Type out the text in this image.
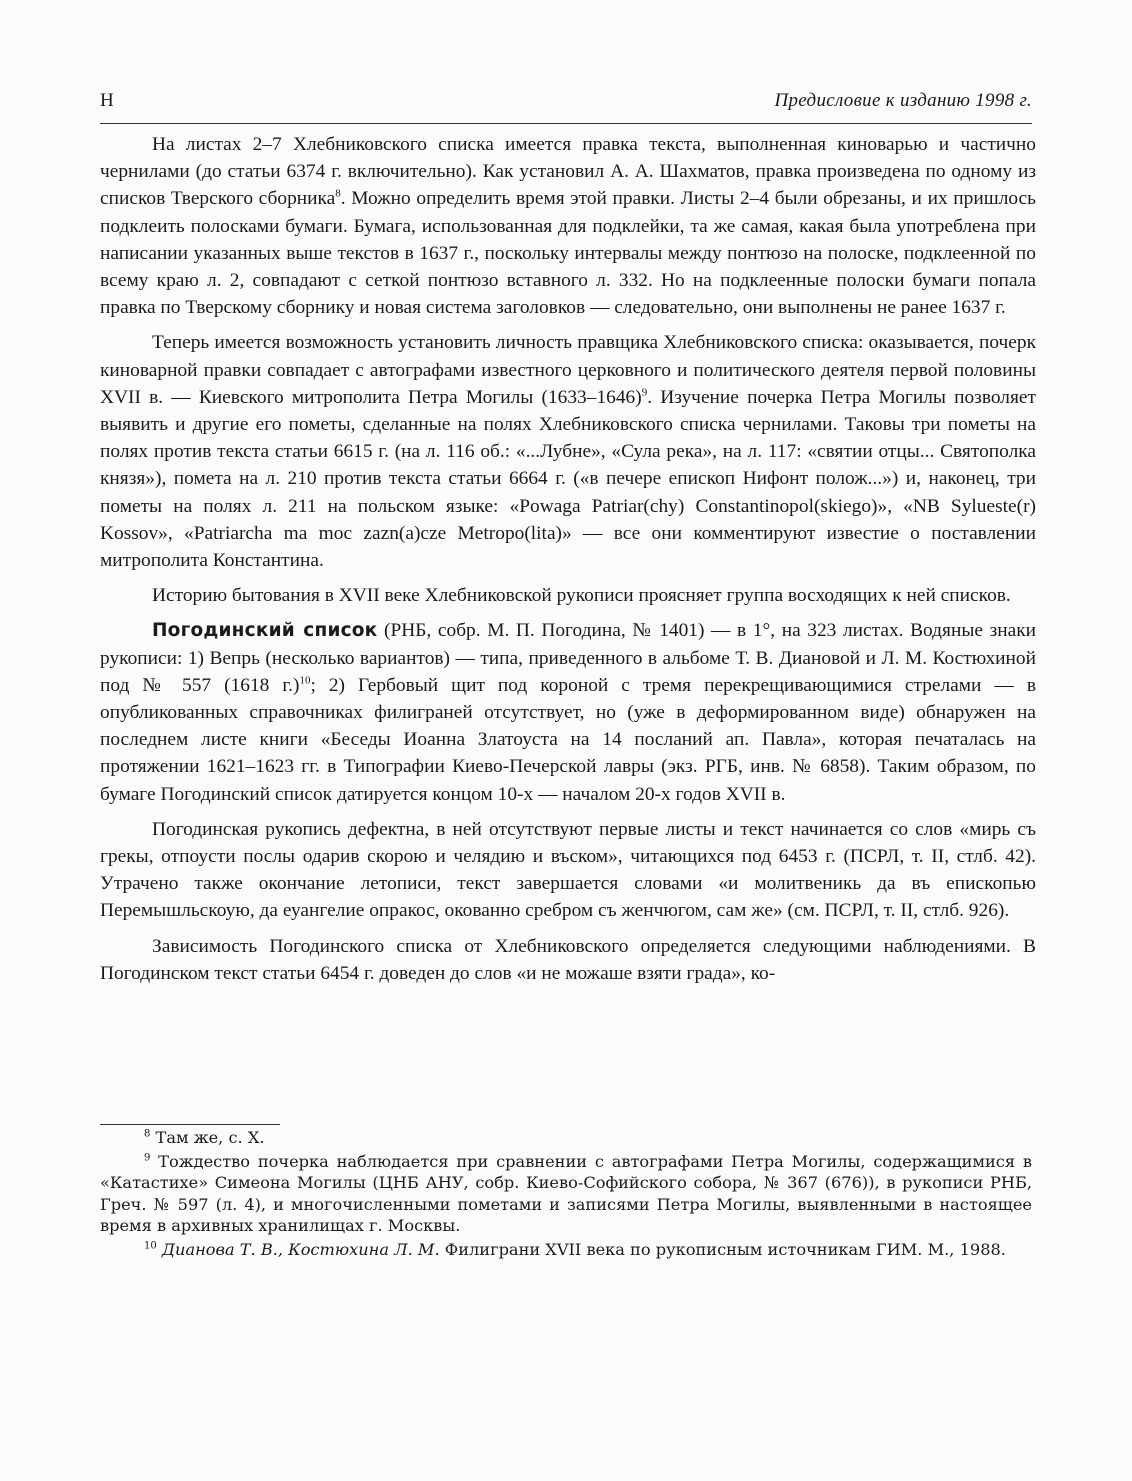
Н	Предисловие к изданию 1998 г.

На листах 2–7 Хлебниковского списка имеется правка текста, выполненная киноварью и частично чернилами (до статьи 6374 г. включительно). Как установил А. А. Шахматов, правка произведена по одному из списков Тверского сборника$^8$. Можно определить время этой правки. Листы 2–4 были обрезаны, и их пришлось подклеить полосками бумаги. Бумага, использованная для подклейки, та же самая, какая была употреблена при написании указанных выше текстов в 1637 г., поскольку интервалы между понтюзо на полоске, подклеенной по всему краю л. 2, совпадают с сеткой понтюзо вставного л. 332. Но на подклеенные полоски бумаги попала правка по Тверскому сборнику и новая система заголовков — следовательно, они выполнены не ранее 1637 г.

Теперь имеется возможность установить личность правщика Хлебниковского списка: оказывается, почерк киноварной правки совпадает с автографами известного церковного и политического деятеля первой половины XVII в. — Киевского митрополита Петра Могилы (1633–1646)$^9$. Изучение почерка Петра Могилы позволяет выявить и другие его пометы, сделанные на полях Хлебниковского списка чернилами. Таковы три пометы на полях против текста статьи 6615 г. (на л. 116 об.: «...Лубне», «Сула река», на л. 117: «святии отцы... Святополка князя»), помета на л. 210 против текста статьи 6664 г. («в печере епископ Нифонт полож...») и, наконец, три пометы на полях л. 211 на польском языке: «Powaga Patriar(chy) Constantinopol(skiego)», «NB Sylueste(r) Kossov», «Patriarcha ma moc zazn(a)cze Metropo(lita)» — все они комментируют известие о поставлении митрополита Константина.

Историю бытования в XVII веке Хлебниковской рукописи проясняет группа восходящих к ней списков.

Погодинский список (РНБ, собр. М. П. Погодина, № 1401) — в 1°, на 323 листах. Водяные знаки рукописи: 1) Вепрь (несколько вариантов) — типа, приведенного в альбоме Т. В. Диановой и Л. М. Костюхиной под № 557 (1618 г.)$^{10}$; 2) Гербовый щит под короной с тремя перекрещивающимися стрелами — в опубликованных справочниках филиграней отсутствует, но (уже в деформированном виде) обнаружен на последнем листе книги «Беседы Иоанна Златоуста на 14 посланий ап. Павла», которая печаталась на протяжении 1621–1623 гг. в Типографии Киево-Печерской лавры (экз. РГБ, инв. № 6858). Таким образом, по бумаге Погодинский список датируется концом 10-х — началом 20-х годов XVII в.

Погодинская рукопись дефектна, в ней отсутствуют первые листы и текст начинается со слов «мирь съ грекы, отпоусти послы одарив скорою и челядию и въском», читающихся под 6453 г. (ПСРЛ, т. II, стлб. 42). Утрачено также окончание летописи, текст завершается словами «и молитвеникь да въ епископью Перемышльскоую, да еуангелие опракос, окованно сребром съ женчюгом, сам же» (см. ПСРЛ, т. II, стлб. 926).

Зависимость Погодинского списка от Хлебниковского определяется следующими наблюдениями. В Погодинском текст статьи 6454 г. доведен до слов «и не можаше взяти града», ко-

$^8$ Там же, с. Х.

$^9$ Тождество почерка наблюдается при сравнении с автографами Петра Могилы, содержащимися в «Катастихе» Симеона Могилы (ЦНБ АНУ, собр. Киево-Софийского собора, № 367 (676)), в рукописи РНБ, Греч. № 597 (л. 4), и многочисленными пометами и записями Петра Могилы, выявленными в настоящее время в архивных хранилищах г. Москвы.

$^{10}$ Дианова Т. В., Костюхина Л. М. Филиграни XVII века по рукописным источникам ГИМ. М., 1988.
